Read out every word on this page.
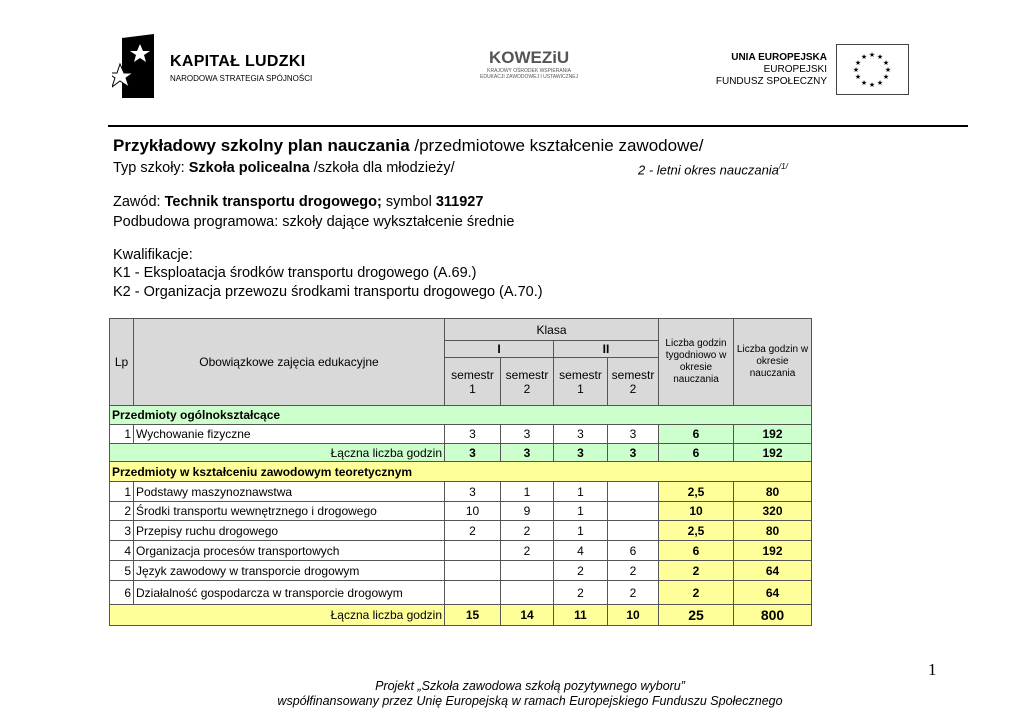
KAPITAŁ LUDZKI
NARODOWA STRATEGIA SPÓJNOŚCI
KOWEZiU
KRAJOWY OŚRODEK WSPIERANIA
EDUKACJI ZAWODOWEJ I USTAWICZNEJ
UNIA EUROPEJSKA
EUROPEJSKI
FUNDUSZ SPOŁECZNY
★ ★
★
★
★
★
★
★
★
★
★
★
Przykładowy szkolny plan nauczania /przedmiotowe kształcenie zawodowe/
Typ szkoły: Szkoła policealna /szkoła dla młodzieży/	2 - letni okres nauczania$^{/1/}$
Zawód: Technik transportu drogowego; symbol 311927
Podbudowa programowa: szkoły dające wykształcenie średnie
Kwalifikacje:
K1 - Eksploatacja środków transportu drogowego (A.69.)
K2 - Organizacja przewozu środkami transportu drogowego (A.70.)
Lp	Obowiązkowe zajęcia edukacyjne	Klasa				Liczba godzin tygodniowo w okresie nauczania	Liczba godzin w okresie nauczania
		I		II			
		semestr 1	semestr 2	semestr 1	semestr 2		
Przedmioty ogólnokształcące							
1	Wychowanie fizyczne	3	3	3	3	6	192
Łączna liczba godzin		3	3	3	3	6	192
Przedmioty w kształceniu zawodowym teoretycznym							
1	Podstawy maszynoznawstwa	3	1	1		2,5	80
2	Środki transportu wewnętrznego i drogowego	10	9	1		10	320
3	Przepisy ruchu drogowego	2	2	1		2,5	80
4	Organizacja procesów transportowych		2	4	6	6	192
5	Język zawodowy w transporcie drogowym			2	2	2	64
6	Działalność gospodarcza w transporcie drogowym			2	2	2	64
Łączna liczba godzin		15	14	11	10	25	800
1
Projekt „Szkoła zawodowa szkołą pozytywnego wyboru”
współfinansowany przez Unię Europejską w ramach Europejskiego Funduszu Społecznego
